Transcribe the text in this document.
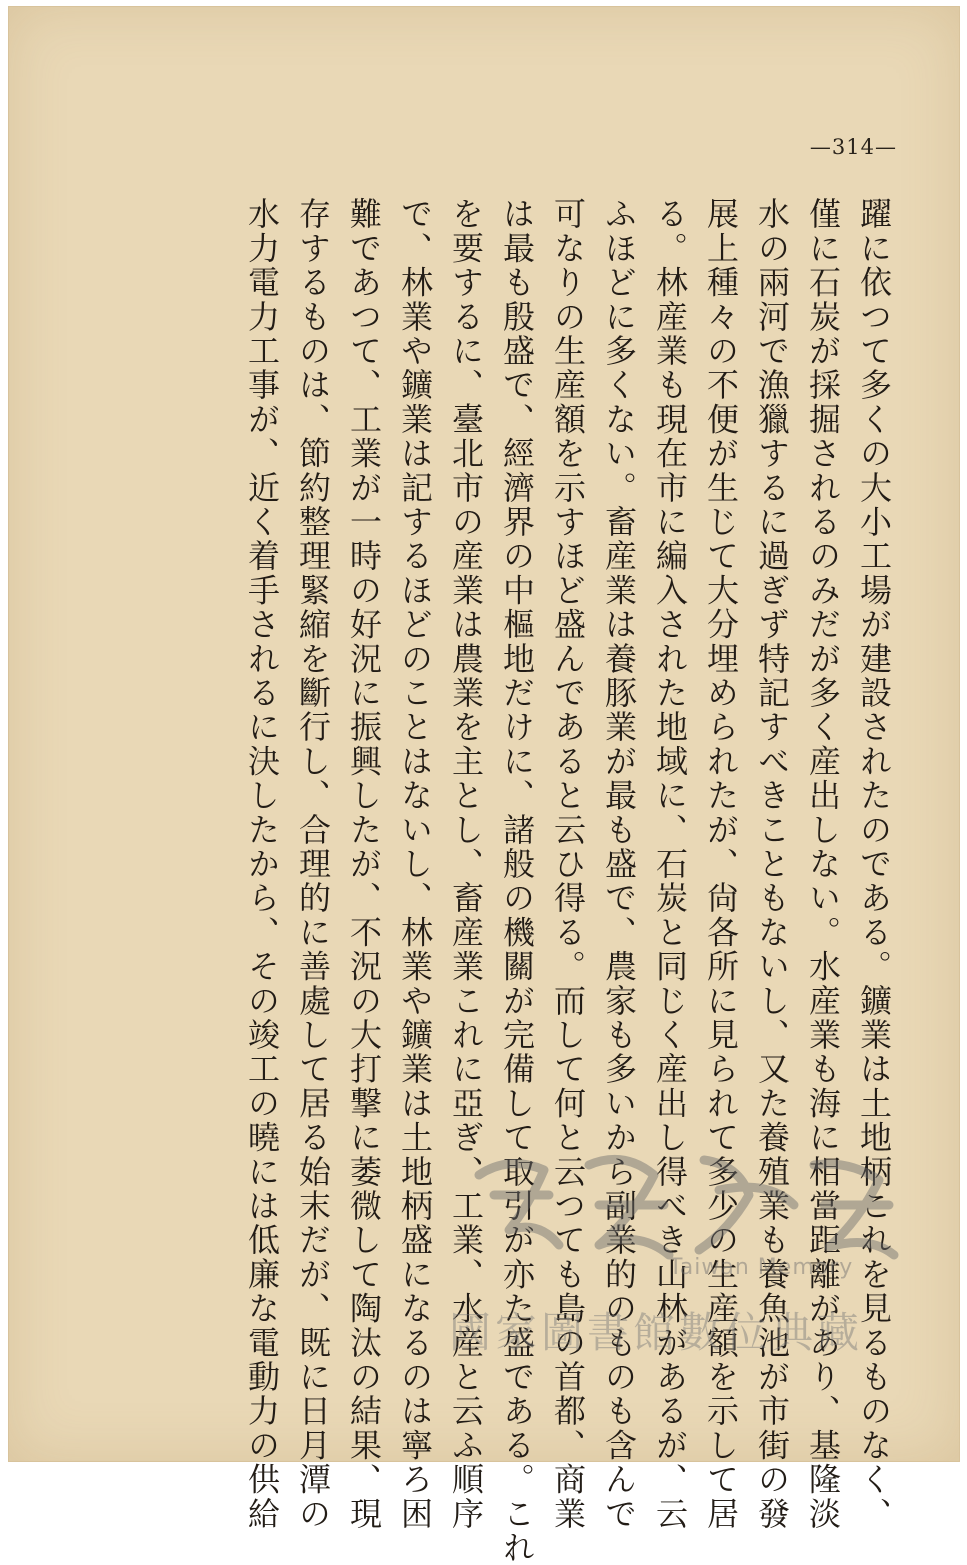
—314—
躍に依つて多くの大小工場が建設されたのである。鑛業は土地柄これを見るものなく、
僅に石炭が採掘されるのみだが多く産出しない。水産業も海に相當距離があり、基隆淡
水の兩河で漁獵するに過ぎず特記すべきこともないし、又た養殖業も養魚池が市街の發
展上種々の不便が生じて大分埋められたが、尙各所に見られて多少の生産額を示して居
る。林産業も現在市に編入された地域に、石炭と同じく産出し得べき山林があるが、云
ふほどに多くない。畜産業は養豚業が最も盛で、農家も多いから副業的のものも含んで
可なりの生産額を示すほど盛んであると云ひ得る。而して何と云つても島の首都、商業
は最も殷盛で、經濟界の中樞地だけに、諸般の機關が完備して取引が亦た盛である。これ
を要するに、臺北市の産業は農業を主とし、畜産業これに亞ぎ、工業、水産と云ふ順序
で、林業や鑛業は記するほどのことはないし、林業や鑛業は土地柄盛になるのは寧ろ困
難であつて、工業が一時の好況に振興したが、不況の大打撃に萎微して陶汰の結果、現
存するものは、節約整理緊縮を斷行し、合理的に善處して居る始末だが、既に日月潭の
水力電力工事が、近く着手されるに決したから、その竣工の曉には低廉な電動力の供給	Taiwan Memory
國家圖書館數位典藏
